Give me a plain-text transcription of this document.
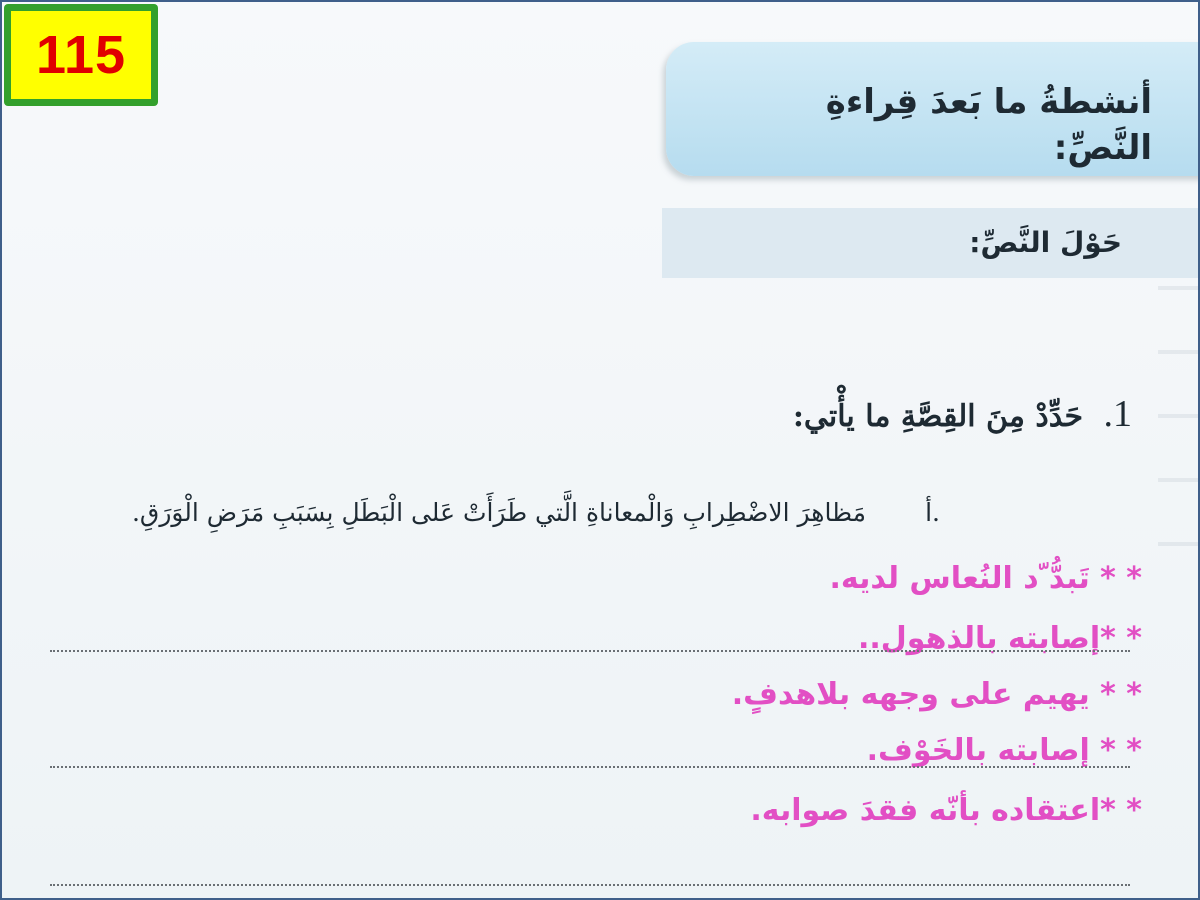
115
أنشطةُ ما بَعدَ قِراءةِ النَّصِّ:
حَوْلَ النَّصِّ:
1. حَدِّدْ مِنَ القِصَّةِ ما يأْتي:
أ.
مَظاهِرَ الاضْطِرابِ وَالْمعاناةِ الَّتي طَرَأَتْ عَلى الْبَطَلِ بِسَبَبِ مَرَضِ الْوَرَقِ.
* * تَبدُّ ّد النُعاس لديه.
* *إصابته بالذهول..
* * يهيم على وجهه بلاهدفٍ.
* * إصابته بالخَوْف.
* *اعتقاده بأنّه فقدَ صوابه.
